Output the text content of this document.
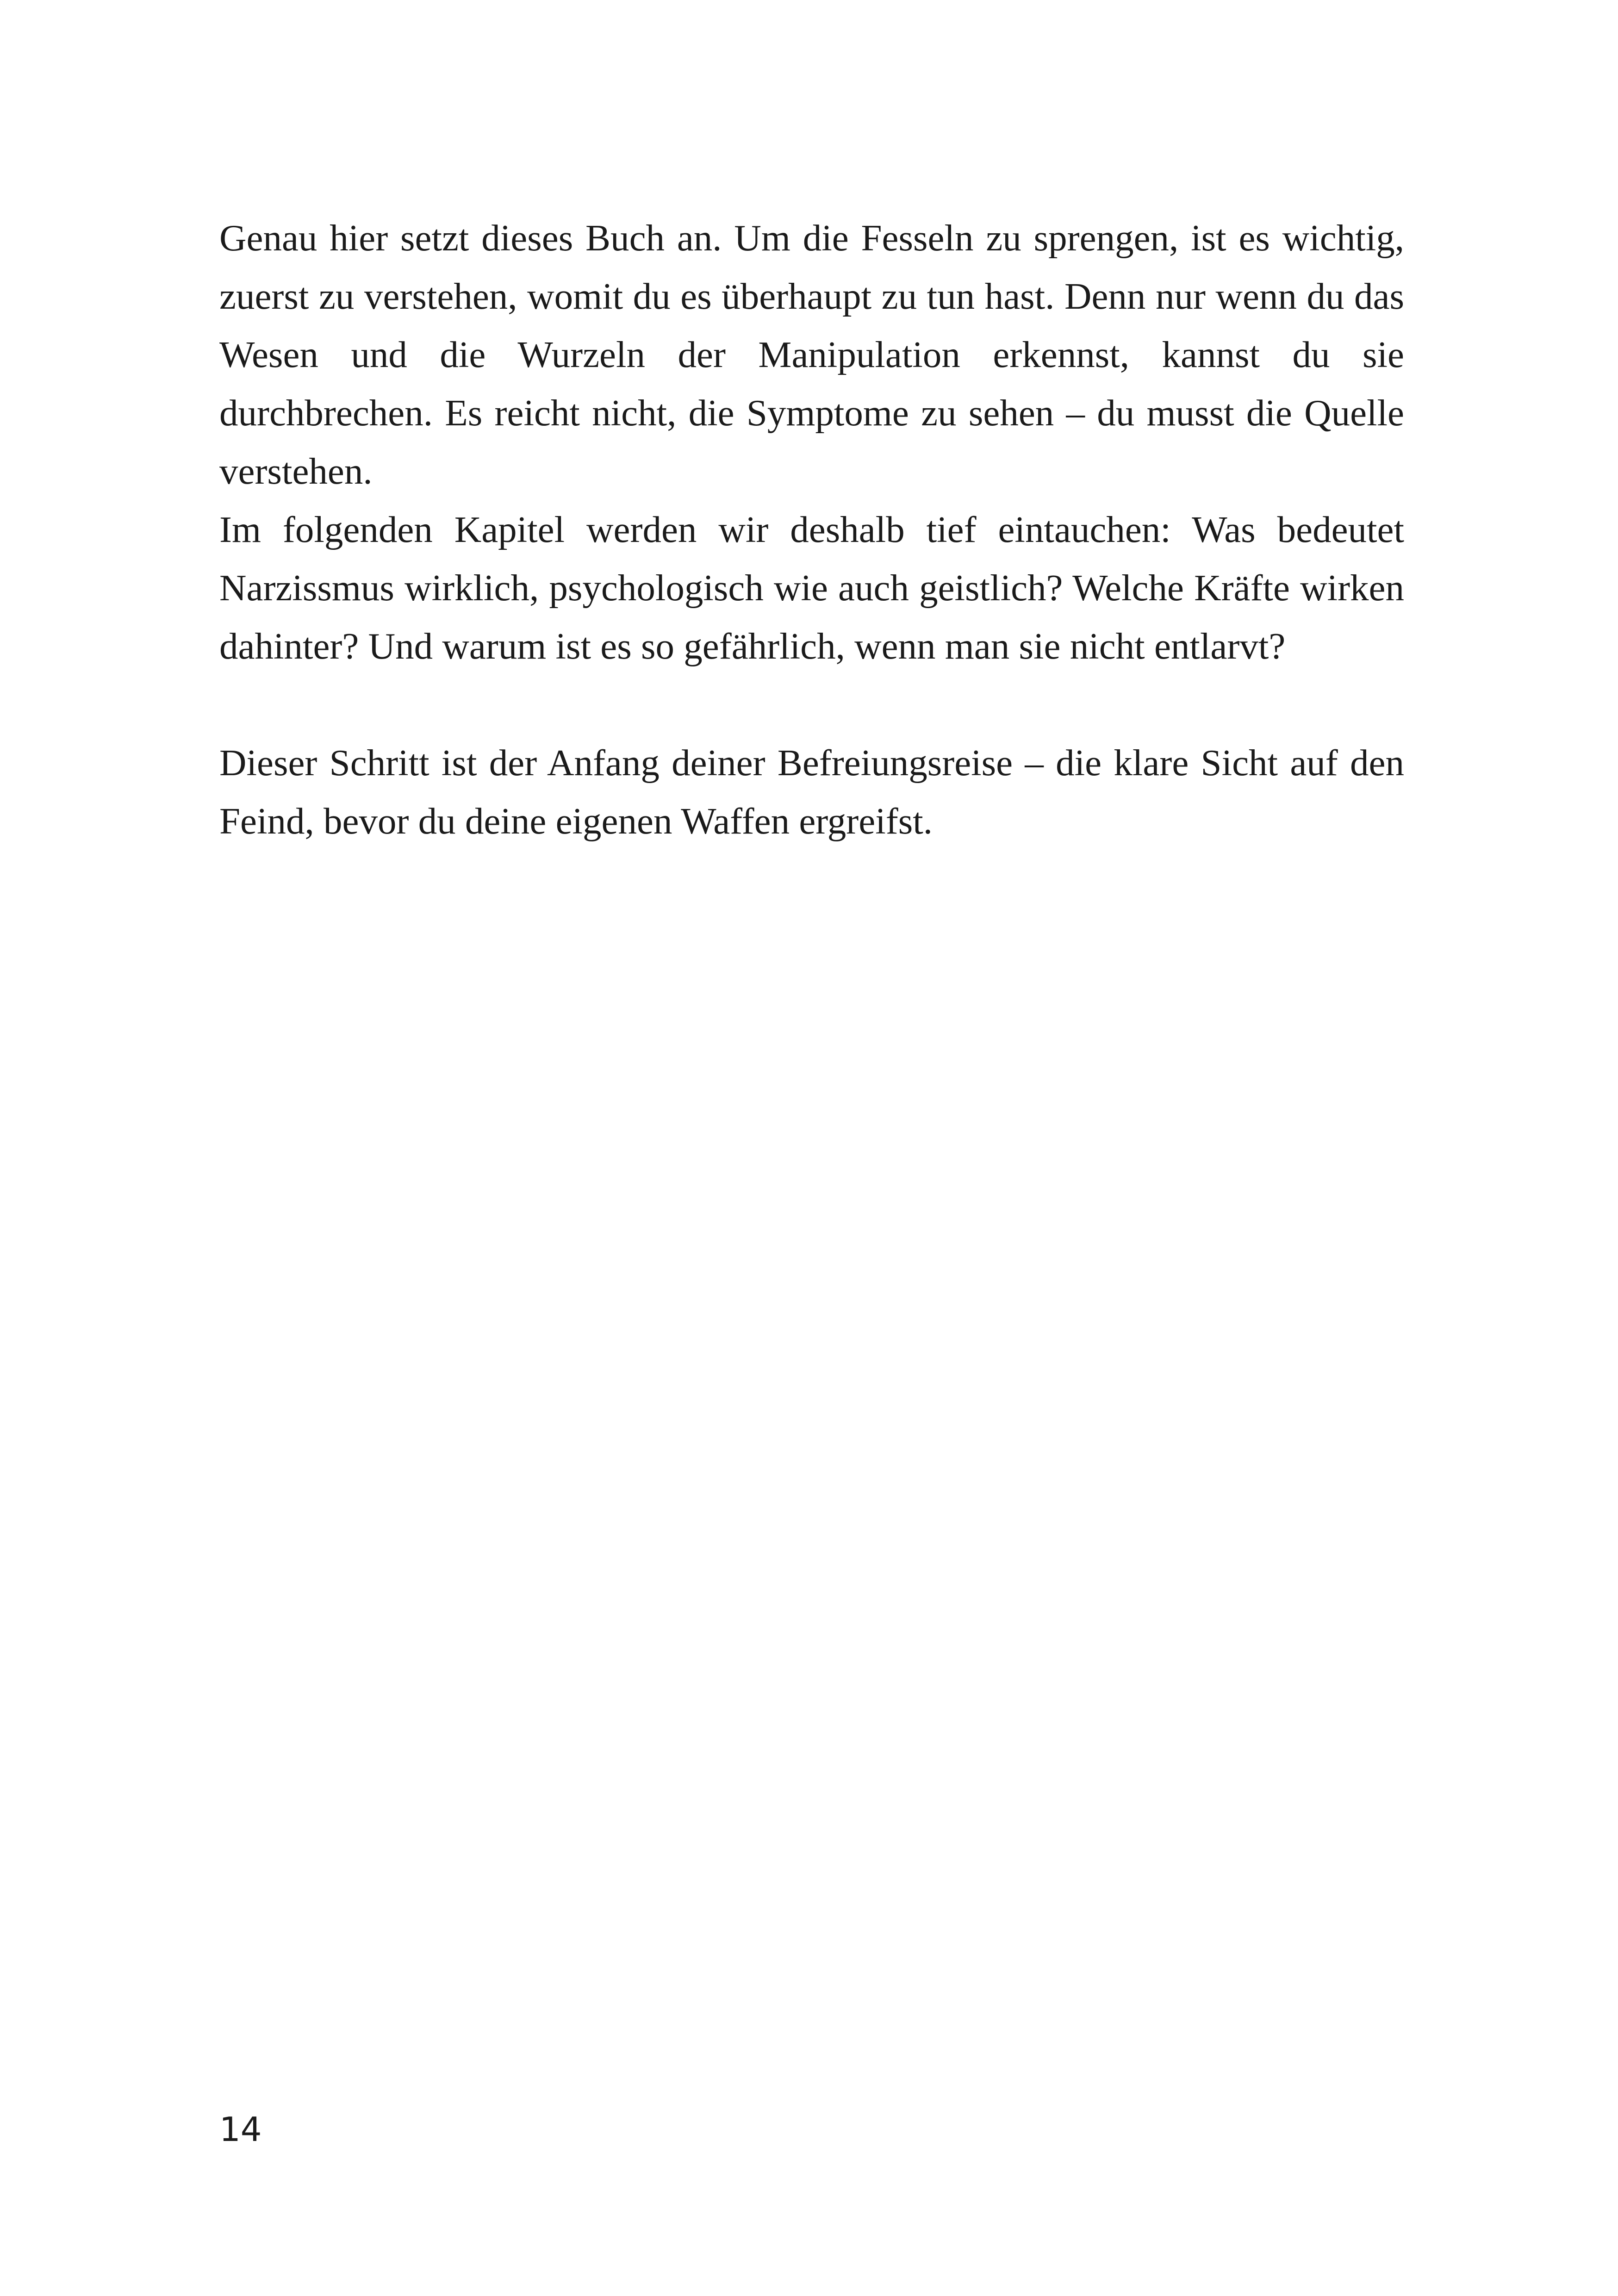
Genau hier setzt dieses Buch an. Um die Fesseln zu sprengen, ist es wichtig, zuerst zu verstehen, womit du es überhaupt zu tun hast. Denn nur wenn du das Wesen und die Wurzeln der Manipulation erkennst, kannst du sie durchbrechen. Es reicht nicht, die Symptome zu sehen – du musst die Quelle verstehen.

Im folgenden Kapitel werden wir deshalb tief eintauchen: Was bedeutet Narzissmus wirklich, psychologisch wie auch geistlich? Welche Kräfte wirken dahinter? Und warum ist es so gefährlich, wenn man sie nicht entlarvt?

Dieser Schritt ist der Anfang deiner Befreiungsreise – die klare Sicht auf den Feind, bevor du deine eigenen Waffen ergreifst.

14
